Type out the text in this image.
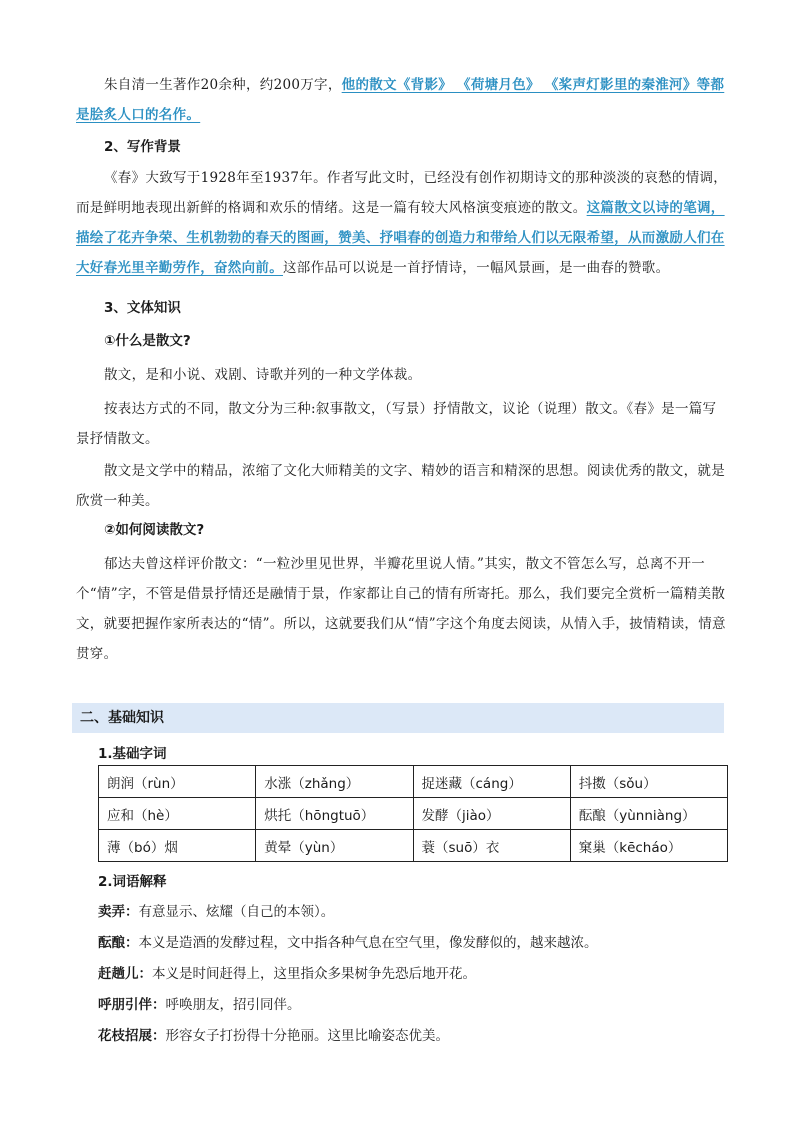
朱自清一生著作20余种，约200万字，他的散文《背影》 《荷塘月色》 《桨声灯影里的秦淮河》等都是脍炙人口的名作。
2、写作背景
《春》大致写于1928年至1937年。作者写此文时，已经没有创作初期诗文的那种淡淡的哀愁的情调，而是鲜明地表现出新鲜的格调和欢乐的情绪。这是一篇有较大风格演变痕迹的散文。这篇散文以诗的笔调，描绘了花卉争荣、生机勃勃的春天的图画，赞美、抒唱春的创造力和带给人们以无限希望，从而激励人们在大好春光里辛勤劳作，奋然向前。这部作品可以说是一首抒情诗，一幅风景画，是一曲春的赞歌。
3、文体知识
①什么是散文?
散文，是和小说、戏剧、诗歌并列的一种文学体裁。
按表达方式的不同，散文分为三种:叙事散文，（写景）抒情散文，议论（说理）散文。《春》是一篇写景抒情散文。
散文是文学中的精品，浓缩了文化大师精美的文字、精妙的语言和精深的思想。阅读优秀的散文，就是欣赏一种美。
②如何阅读散文?
郁达夫曾这样评价散文：“一粒沙里见世界，半瓣花里说人情。”其实，散文不管怎么写，总离不开一个“情”字，不管是借景抒情还是融情于景，作家都让自己的情有所寄托。那么，我们要完全赏析一篇精美散文，就要把握作家所表达的“情”。所以，这就要我们从“情”字这个角度去阅读，从情入手，披情精读，情意贯穿。
二、基础知识
1.基础字词
朗润（rùn）	水涨（zhǎng）	捉迷藏（cáng）	抖擞（sǒu）
应和（hè）	烘托（hōngtuō）	发酵（jiào）	酝酿（yùnniàng）
薄（bó）烟	黄晕（yùn）	蓑（suō）衣	窠巢（kēcháo）
2.词语解释
卖弄：有意显示、炫耀（自己的本领）。
酝酿：本义是造酒的发酵过程，文中指各种气息在空气里，像发酵似的，越来越浓。
赶趟儿：本义是时间赶得上，这里指众多果树争先恐后地开花。
呼朋引伴：呼唤朋友，招引同伴。
花枝招展：形容女子打扮得十分艳丽。这里比喻姿态优美。
